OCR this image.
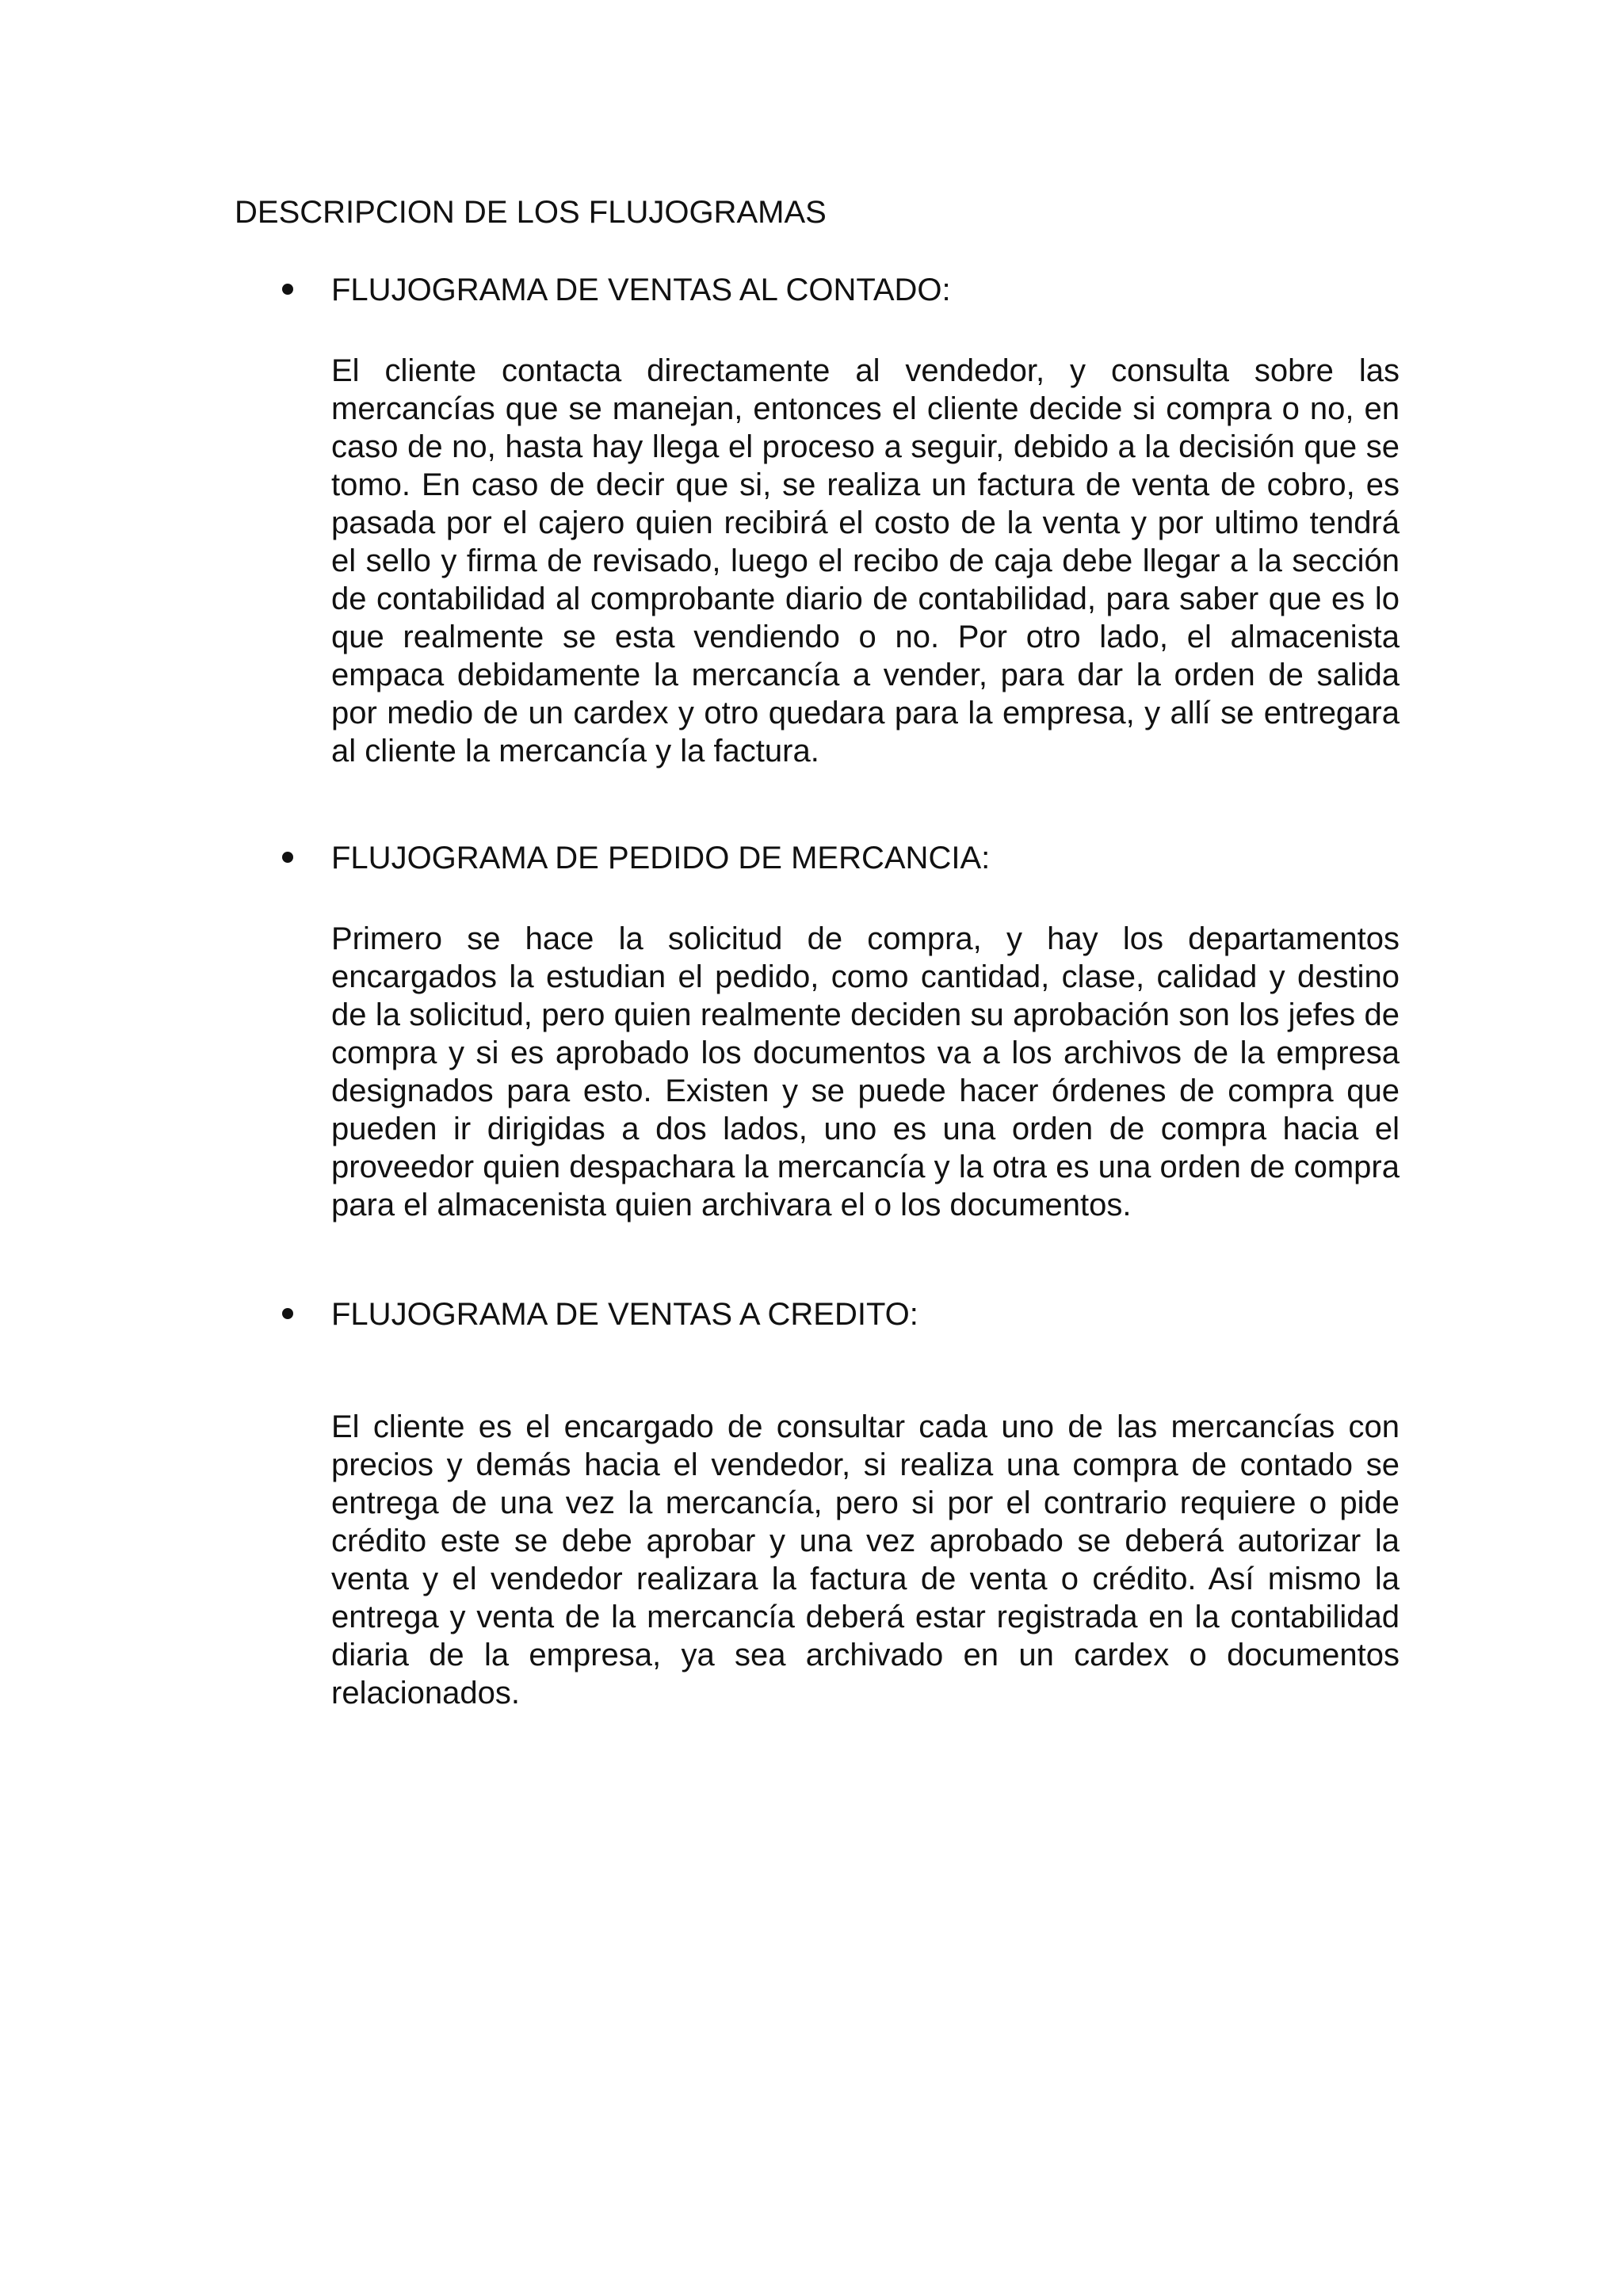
DESCRIPCION DE LOS FLUJOGRAMAS
FLUJOGRAMA DE VENTAS AL CONTADO:
El cliente contacta directamente al vendedor, y consulta sobre las mercancías que se manejan, entonces el cliente decide si compra o no, en caso de no, hasta hay llega el proceso a seguir, debido a la decisión que se tomo. En caso de decir que si, se realiza un factura de venta de cobro, es pasada por el cajero quien recibirá el costo de la venta y por ultimo tendrá el sello y firma de revisado, luego el recibo de caja debe llegar a la sección de contabilidad al comprobante diario de contabilidad, para saber que es lo que realmente se esta vendiendo o no. Por otro lado, el almacenista empaca debidamente la mercancía a vender, para dar la orden de salida por medio de un cardex y otro quedara para la empresa, y allí se entregara al cliente la mercancía y la factura.
FLUJOGRAMA DE PEDIDO DE MERCANCIA:
Primero se hace la solicitud de compra, y hay los departamentos encargados la estudian el pedido, como cantidad, clase, calidad y destino de la solicitud, pero quien realmente deciden su aprobación son los jefes de compra y si es aprobado los documentos va a los archivos de la empresa designados para esto. Existen y se puede hacer órdenes de compra que pueden ir dirigidas a dos lados, uno es una orden de compra hacia el proveedor quien despachara la mercancía y la otra es una orden de compra para el almacenista quien archivara el o los documentos.
FLUJOGRAMA DE VENTAS A CREDITO:
El cliente es el encargado de consultar cada uno de las mercancías con precios y demás hacia el vendedor, si realiza una compra de contado se entrega de una vez la mercancía, pero si por el contrario requiere o pide crédito este se debe aprobar y una vez aprobado se deberá autorizar la venta y el vendedor realizara la factura de venta o crédito. Así mismo la entrega y venta de la mercancía deberá estar registrada en la contabilidad diaria de la empresa, ya sea archivado en un cardex o documentos relacionados.
